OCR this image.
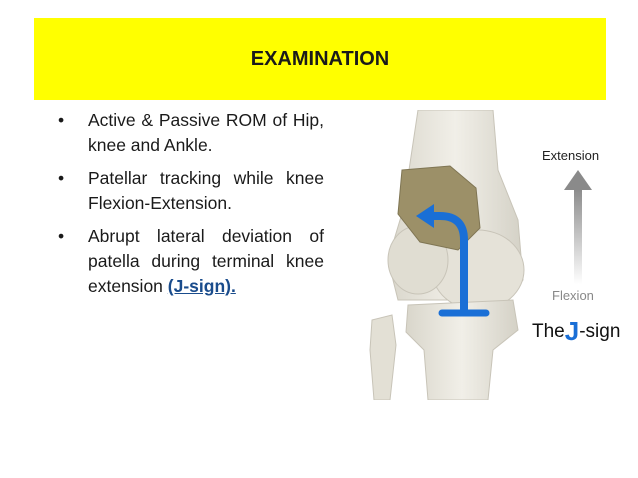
EXAMINATION
• Active & Passive ROM of Hip, knee and Ankle.
• Patellar tracking while knee Flexion-Extension.
• Abrupt lateral deviation of patella during terminal knee extension (J-sign).
Extension
Flexion
TheJ-sign
